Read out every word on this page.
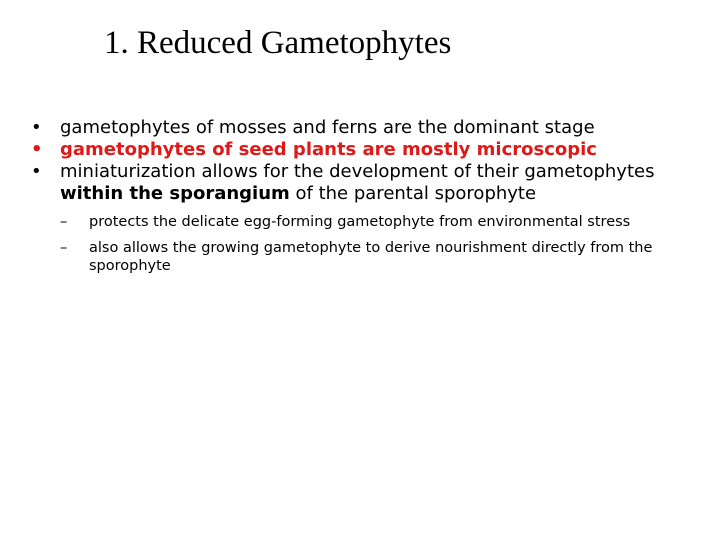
1. Reduced Gametophytes
• gametophytes of mosses and ferns are the dominant stage
• gametophytes of seed plants are mostly microscopic
• miniaturization allows for the development of their gametophytes within the sporangium of the parental sporophyte
– protects the delicate egg-forming gametophyte from environmental stress
– also allows the growing gametophyte to derive nourishment directly from the sporophyte
